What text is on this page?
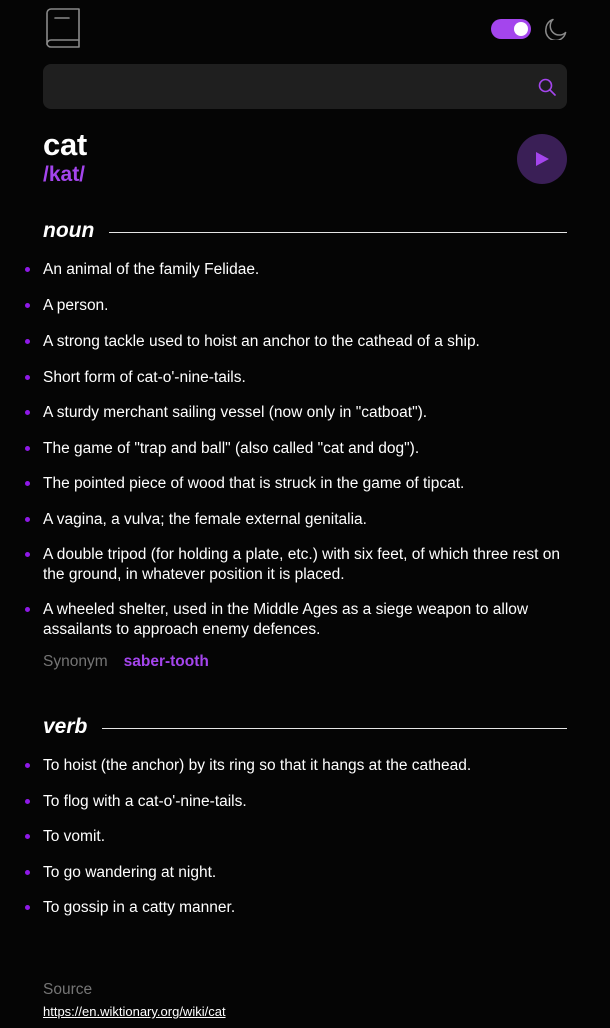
cat
/kat/
noun
An animal of the family Felidae.
A person.
A strong tackle used to hoist an anchor to the cathead of a ship.
Short form of cat-o'-nine-tails.
A sturdy merchant sailing vessel (now only in "catboat").
The game of "trap and ball" (also called "cat and dog").
The pointed piece of wood that is struck in the game of tipcat.
A vagina, a vulva; the female external genitalia.
A double tripod (for holding a plate, etc.) with six feet, of which three rest on the ground, in whatever position it is placed.
A wheeled shelter, used in the Middle Ages as a siege weapon to allow assailants to approach enemy defences.
Synonym saber-tooth
verb
To hoist (the anchor) by its ring so that it hangs at the cathead.
To flog with a cat-o'-nine-tails.
To vomit.
To go wandering at night.
To gossip in a catty manner.
Source
https://en.wiktionary.org/wiki/cat
